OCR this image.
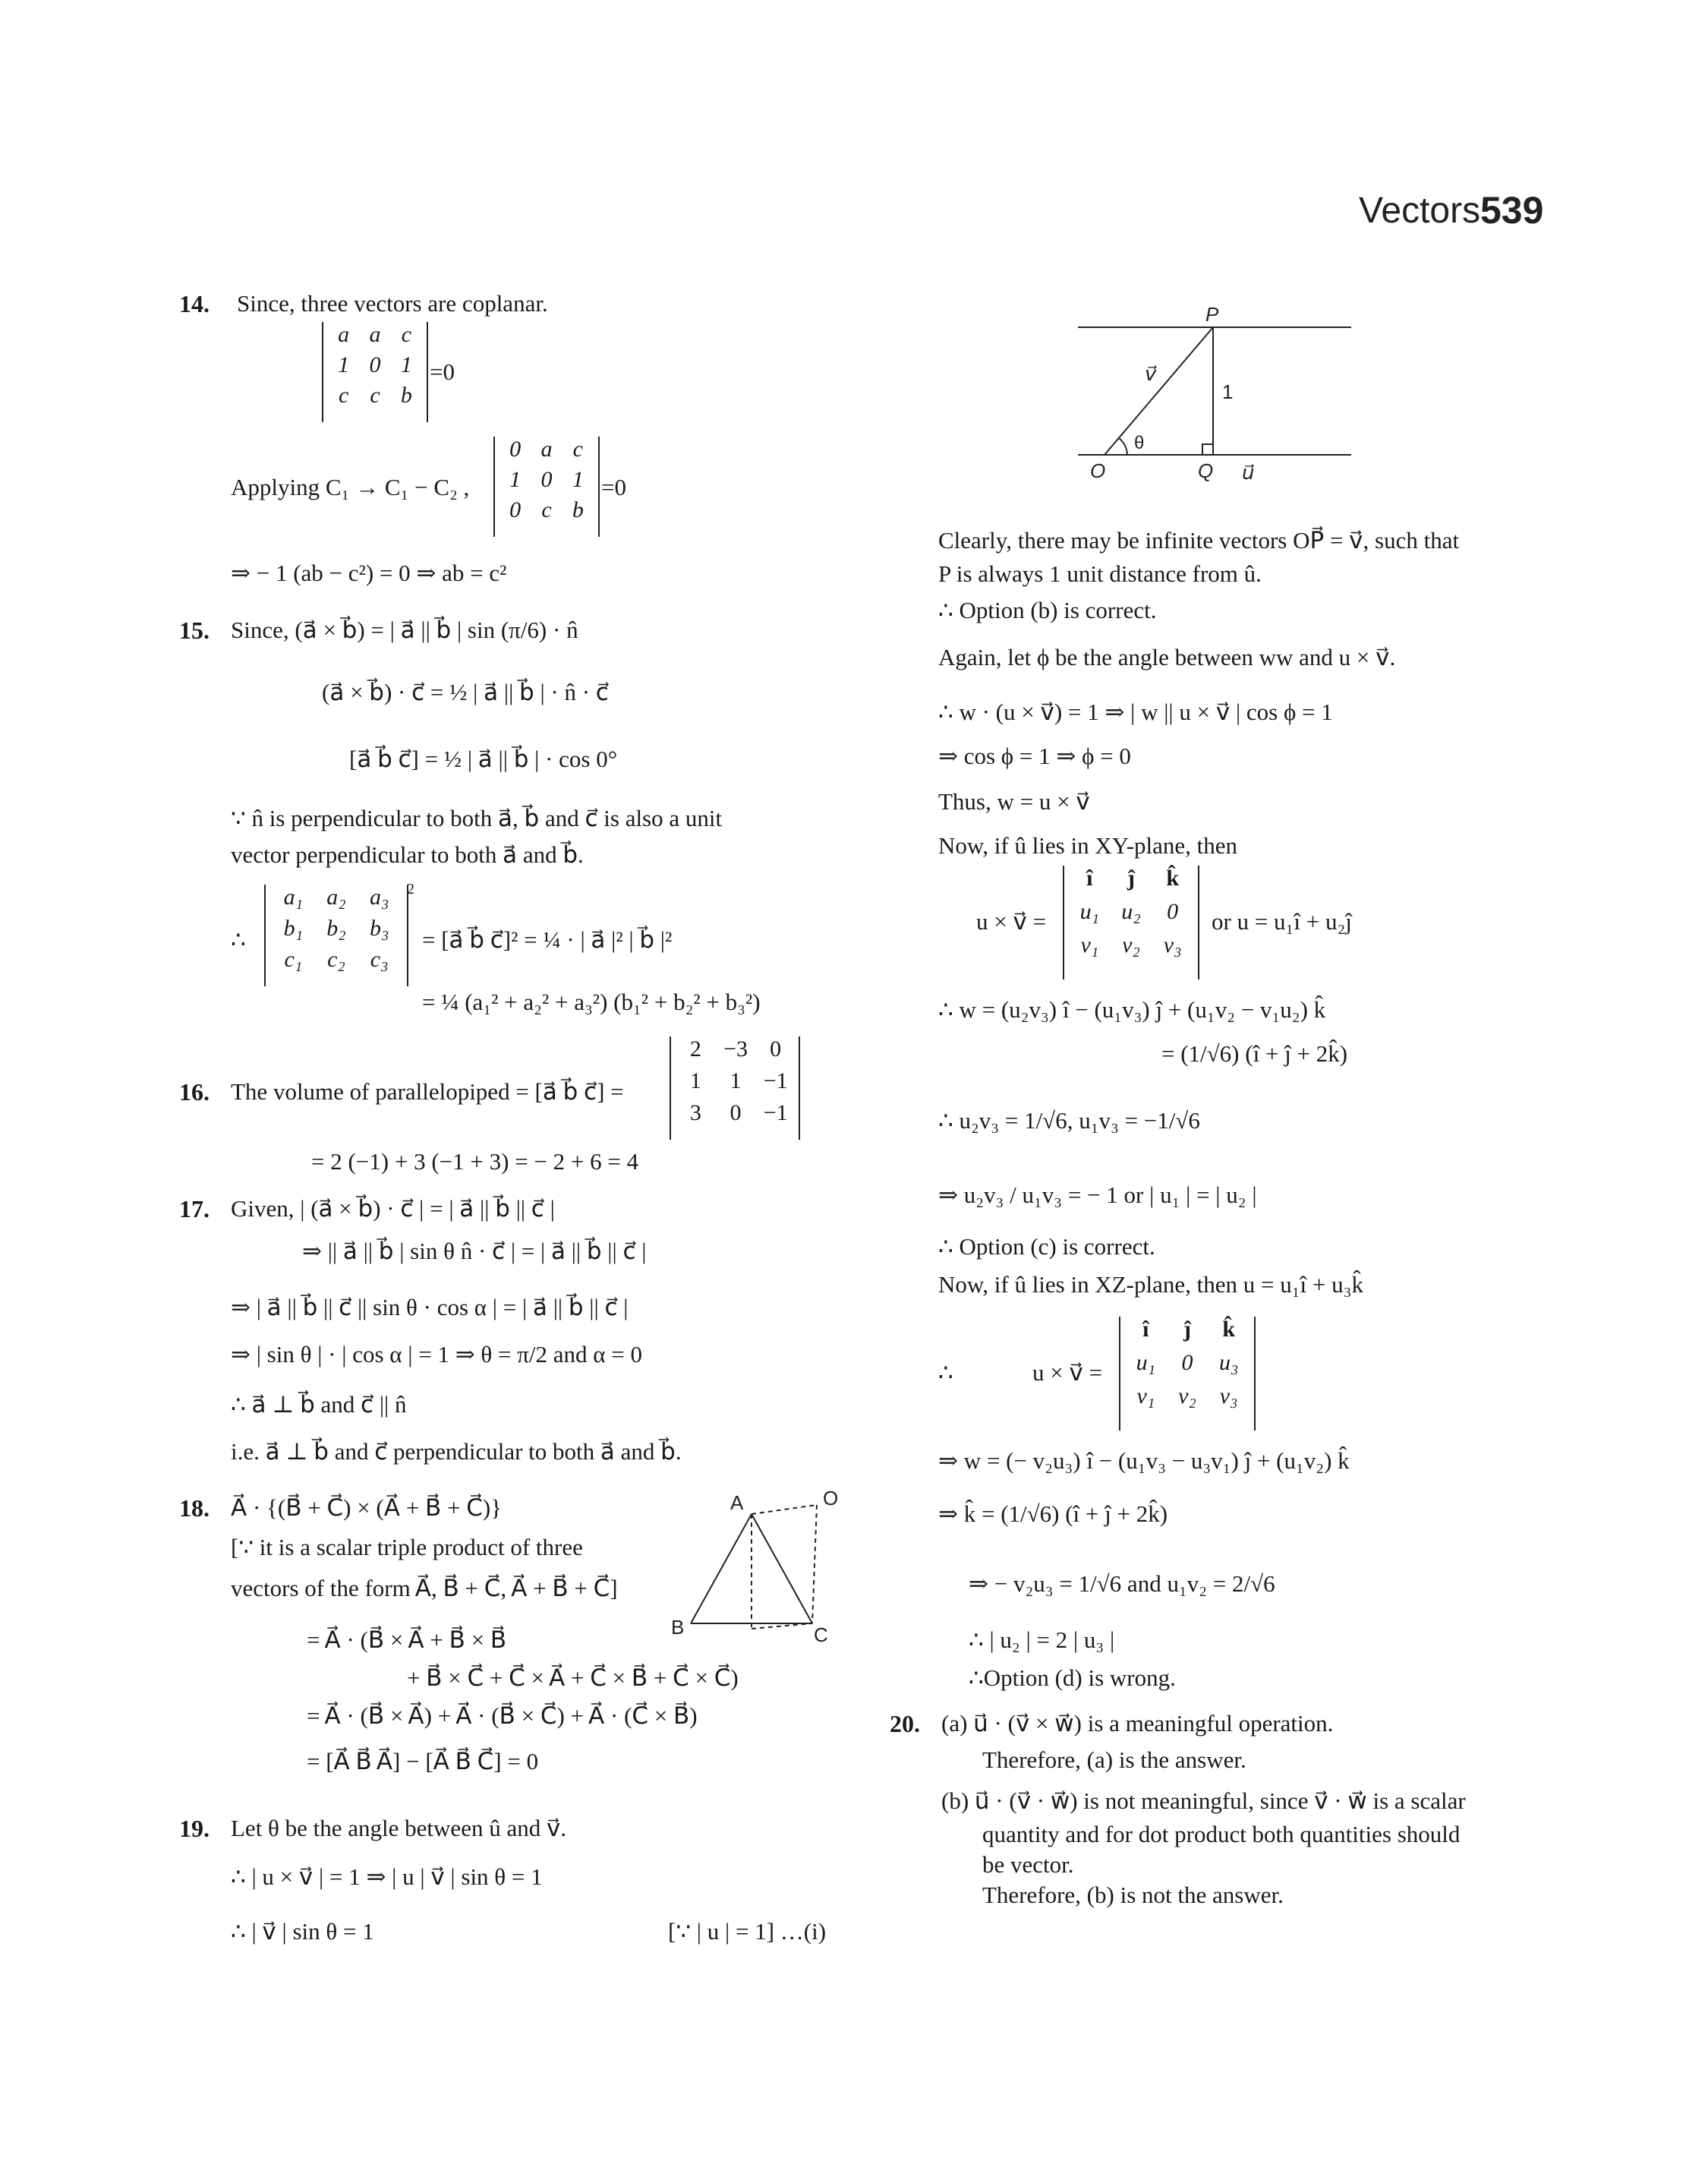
Vectors 539
14. Since, three vectors are coplanar.
a a c
1 0 1
c c b
=0
Applying C₁ → C₁ − C₂ ,
0 a c
1 0 1
0 c b
=0
⇒ − 1 (ab − c²) = 0 ⇒ ab = c²
15. Since, (a⃗ × b⃗) = | a⃗ || b⃗ | sin (π/6) · n̂
(a⃗ × b⃗) · c⃗ = ½ | a⃗ || b⃗ | · n̂ · c⃗
[a⃗ b⃗ c⃗] = ½ | a⃗ || b⃗ | · cos 0°
∵ n̂ is perpendicular to both a⃗, b⃗ and c⃗ is also a unit
vector perpendicular to both a⃗ and b⃗.
∴
a₁	a₂	a₃
b₁	b₂	b₃
c₁	c₂	c₃
2
= [a⃗ b⃗ c⃗]² = ¼ · | a⃗ |² | b⃗ |²
= ¼ (a₁² + a₂² + a₃²) (b₁² + b₂² + b₃²)
16. The volume of parallelopiped = [a⃗ b⃗ c⃗] =
2 −3 0
1	1 −1
3	0 −1
= 2 (−1) + 3 (−1 + 3) = − 2 + 6 = 4
17. Given, | (a⃗ × b⃗) · c⃗ | = | a⃗ || b⃗ || c⃗ |
⇒ || a⃗ || b⃗ | sin θ n̂ · c⃗ | = | a⃗ || b⃗ || c⃗ |
⇒ | a⃗ || b⃗ || c⃗ || sin θ · cos α | = | a⃗ || b⃗ || c⃗ |
⇒ | sin θ | · | cos α | = 1 ⇒ θ = π/2 and α = 0
∴ a⃗ ⊥ b⃗ and c⃗ || n̂
i.e. a⃗ ⊥ b⃗ and c⃗ perpendicular to both a⃗ and b⃗.
18. A⃗ · {(B⃗ + C⃗) × (A⃗ + B⃗ + C⃗)}
[∵ it is a scalar triple product of three
vectors of the form A⃗, B⃗ + C⃗, A⃗ + B⃗ + C⃗]
= A⃗ · (B⃗ × A⃗ + B⃗ × B⃗
+ B⃗ × C⃗ + C⃗ × A⃗ + C⃗ × B⃗ + C⃗ × C⃗)
= A⃗ · (B⃗ × A⃗) + A⃗ · (B⃗ × C⃗) + A⃗ · (C⃗ × B⃗)
= [A⃗ B⃗ A⃗] − [A⃗ B⃗ C⃗] = 0
A	O
B	C
19. Let θ be the angle between û and v⃗.
∴ | u × v⃗ | = 1 ⇒ | u | v⃗ | sin θ = 1
∴ | v⃗ | sin θ = 1	[∵ | u | = 1] …(i)
P
v⃗
1
θ
O	Q u⃗
Clearly, there may be infinite vectors OP⃗ = v⃗, such that
P is always 1 unit distance from û.
∴ Option (b) is correct.
Again, let ϕ be the angle between ww and u × v⃗.
∴ w · (u × v⃗) = 1 ⇒ | w || u × v⃗ | cos ϕ = 1
⇒ cos ϕ = 1 ⇒ ϕ = 0
Thus, w = u × v⃗
Now, if û lies in XY-plane, then
u × v⃗ =
î	ĵ	k̂
u₁ u₂	0
v₁	v₂	v₃
or u = u₁î + u₂ĵ
∴ w = (u₂v₃) î − (u₁v₃) ĵ + (u₁v₂ − v₁u₂) k̂
= (1/√6) (î + ĵ + 2k̂)
∴ u₂v₃ = 1/√6, u₁v₃ = −1/√6
⇒ u₂v₃ / u₁v₃ = − 1 or | u₁ | = | u₂ |
∴ Option (c) is correct.
Now, if û lies in XZ-plane, then u = u₁î + u₃k̂
∴	u × v⃗ =
î	ĵ	k̂
u₁	0	u₃
v₁	v₂	v₃
⇒ w = (− v₂u₃) î − (u₁v₃ − u₃v₁) ĵ + (u₁v₂) k̂
⇒ k̂ = (1/√6) (î + ĵ + 2k̂)
⇒ − v₂u₃ = 1/√6 and u₁v₂ = 2/√6
∴ | u₂ | = 2 | u₃ |
∴Option (d) is wrong.
20. (a) u⃗ · (v⃗ × w⃗) is a meaningful operation.
Therefore, (a) is the answer.
(b) u⃗ · (v⃗ · w⃗) is not meaningful, since v⃗ · w⃗ is a scalar
quantity and for dot product both quantities should
be vector.
Therefore, (b) is not the answer.
